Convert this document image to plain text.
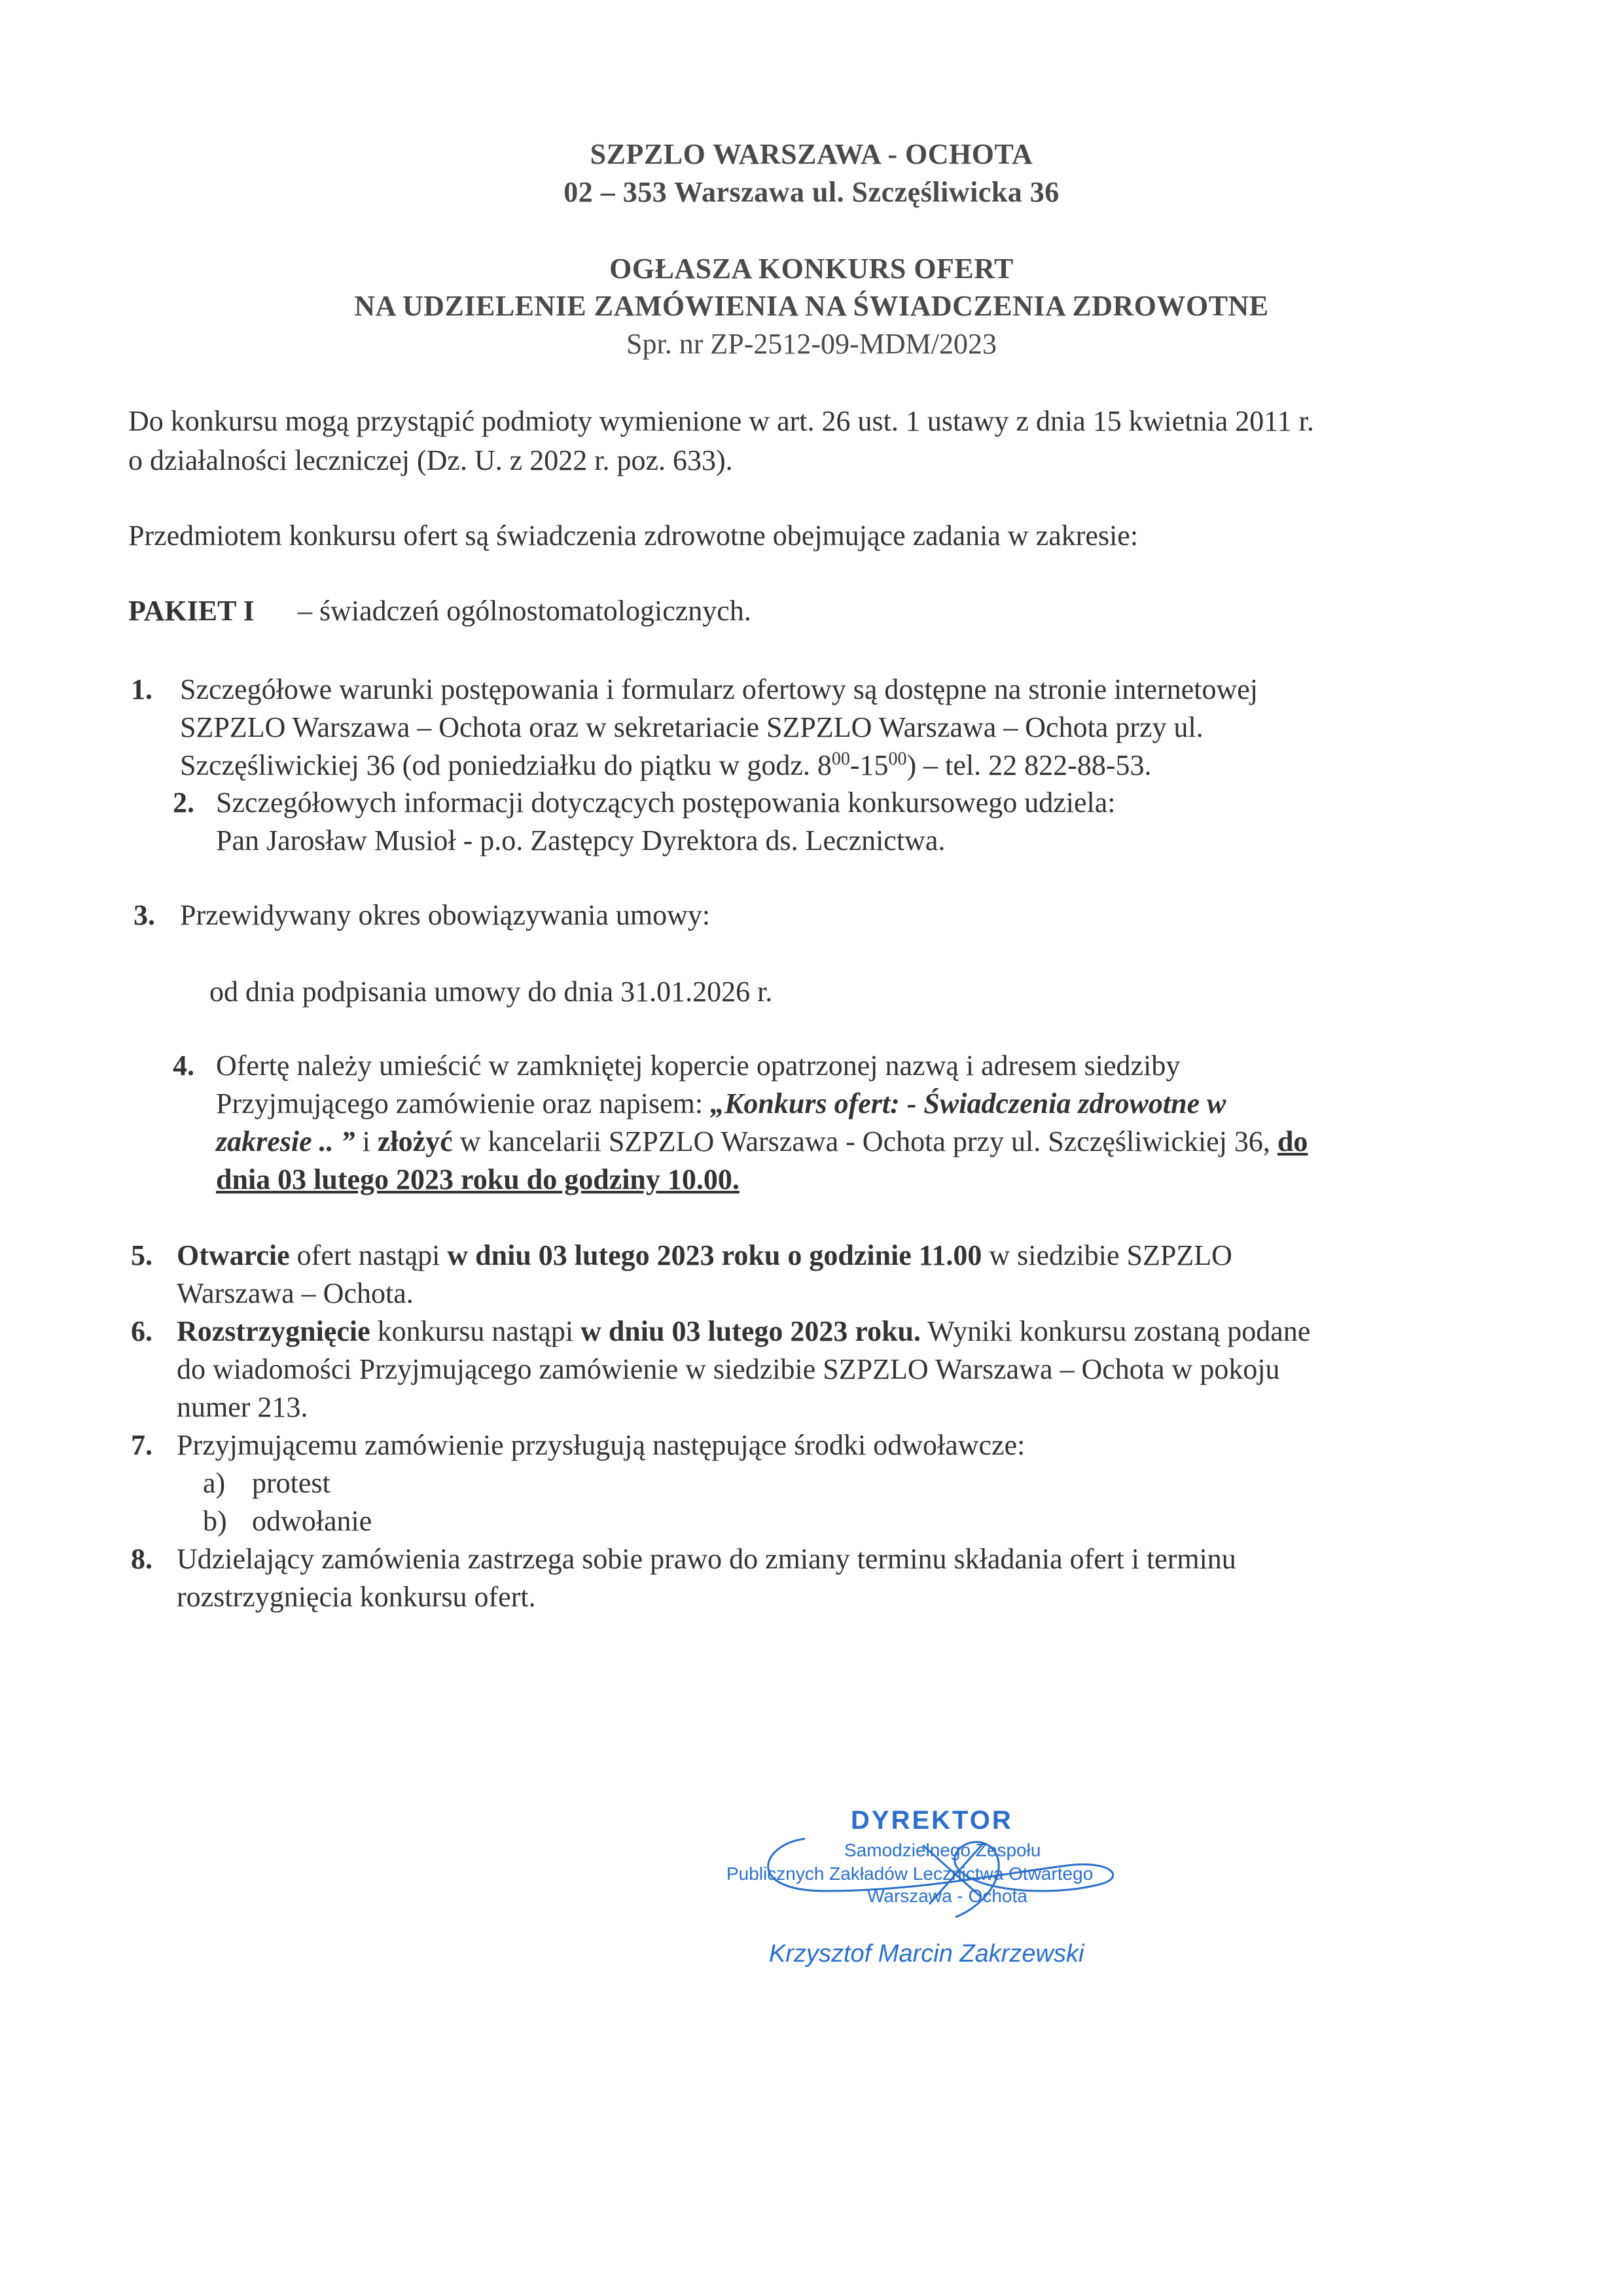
SZPZLO WARSZAWA - OCHOTA
02 – 353 Warszawa ul. Szczęśliwicka 36
OGŁASZA KONKURS OFERT
NA UDZIELENIE ZAMÓWIENIA NA ŚWIADCZENIA ZDROWOTNE
Spr. nr ZP-2512-09-MDM/2023
Do konkursu mogą przystąpić podmioty wymienione w art. 26 ust. 1 ustawy z dnia 15 kwietnia 2011 r.
o działalności leczniczej (Dz. U. z 2022 r. poz. 633).
Przedmiotem konkursu ofert są świadczenia zdrowotne obejmujące zadania w zakresie:
PAKIET I – świadczeń ogólnostomatologicznych.
1. Szczegółowe warunki postępowania i formularz ofertowy są dostępne na stronie internetowej
SZPZLO Warszawa – Ochota oraz w sekretariacie SZPZLO Warszawa – Ochota przy ul.
Szczęśliwickiej 36 (od poniedziałku do piątku w godz. $8^{00}-15^{00}$) – tel. 22 822-88-53.
2. Szczegółowych informacji dotyczących postępowania konkursowego udziela:
Pan Jarosław Musioł - p.o. Zastępcy Dyrektora ds. Lecznictwa.
3. Przewidywany okres obowiązywania umowy:
od dnia podpisania umowy do dnia 31.01.2026 r.
4. Ofertę należy umieścić w zamkniętej kopercie opatrzonej nazwą i adresem siedziby
Przyjmującego zamówienie oraz napisem: „Konkurs ofert: - Świadczenia zdrowotne w
zakresie .. ” i złożyć w kancelarii SZPZLO Warszawa - Ochota przy ul. Szczęśliwickiej 36, do
dnia 03 lutego 2023 roku do godziny 10.00.
5. Otwarcie ofert nastąpi w dniu 03 lutego 2023 roku o godzinie 11.00 w siedzibie SZPZLO
Warszawa – Ochota.
6. Rozstrzygnięcie konkursu nastąpi w dniu 03 lutego 2023 roku. Wyniki konkursu zostaną podane
do wiadomości Przyjmującego zamówienie w siedzibie SZPZLO Warszawa – Ochota w pokoju
numer 213.
7. Przyjmującemu zamówienie przysługują następujące środki odwoławcze:
a) protest
b) odwołanie
8. Udzielający zamówienia zastrzega sobie prawo do zmiany terminu składania ofert i terminu
rozstrzygnięcia konkursu ofert.
DYREKTOR
Samodzielnego Zespołu
Publicznych Zakładów Lecznictwa Otwartego
Warszawa - Ochota
Krzysztof Marcin Zakrzewski
